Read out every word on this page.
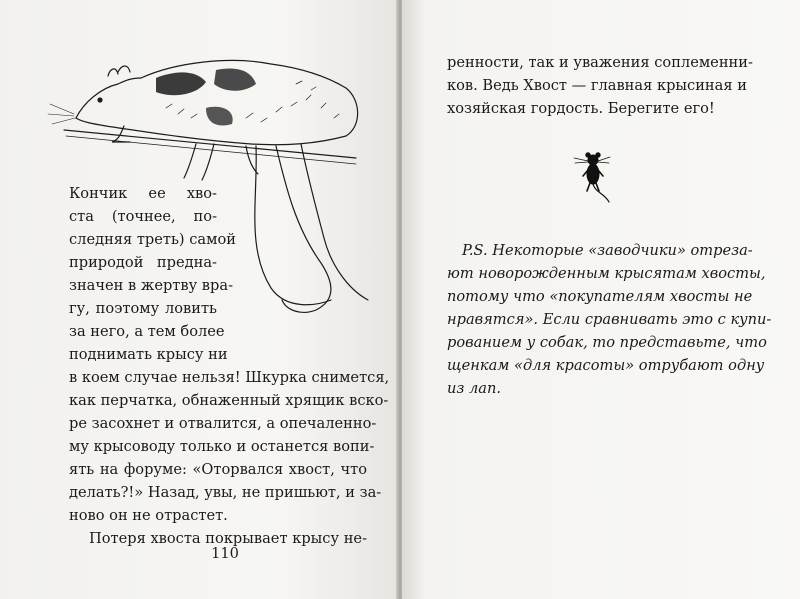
Кончик ее хво-

ста (точнее, по-

следняя треть) самой

природой предна-

значен в жертву вра-

гу, поэтому ловить

за него, а тем более

поднимать крысу ни

в коем случае нельзя! Шкурка снимется,

как перчатка, обнаженный хрящик вско-

ре засохнет и отвалится, а опечаленно-

му крысоводу только и останется вопи-

ять на форуме: «Оторвался хвост, что

делать?!» Назад, увы, не пришьют, и за-

ново он не отрастет.

Потеря хвоста покрывает крысу не-

110

ренности, так и уважения соплеменни-

ков. Ведь Хвост — главная крысиная и

хозяйская гордость. Берегите его!

P.S. Некоторые «заводчики» отреза-

ют новорожденным крысятам хвосты,

потому что «покупателям хвосты не

нравятся». Если сравнивать это с купи-

рованием у собак, то представьте, что

щенкам «для красоты» отрубают одну

из лап.
